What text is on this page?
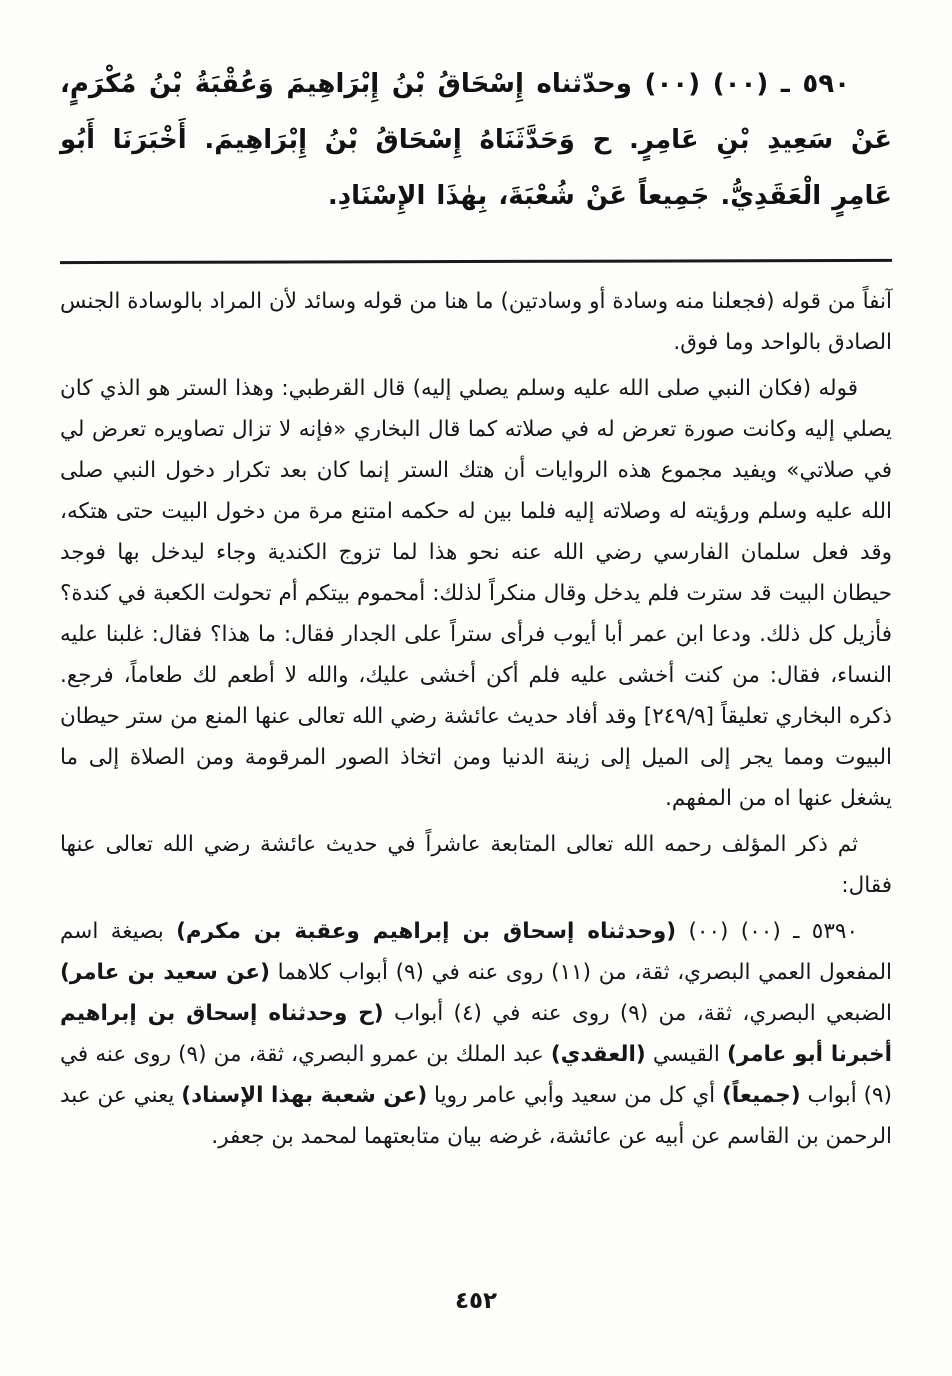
٥٩٠ ـ (٠٠) (٠٠) وحدّثناه إِسْحَاقُ بْنُ إِبْرَاهِيمَ وَعُقْبَةُ بْنُ مُكْرَمٍ، عَنْ سَعِيدِ بْنِ عَامِرٍ. ح وَحَدَّثَنَاهُ إِسْحَاقُ بْنُ إِبْرَاهِيمَ. أَخْبَرَنَا أَبُو عَامِرٍ الْعَقَدِيُّ. جَمِيعاً عَنْ شُعْبَةَ، بِهٰذَا الإِسْنَادِ.

آنفاً من قوله (فجعلنا منه وسادة أو وسادتين) ما هنا من قوله وسائد لأن المراد بالوسادة الجنس الصادق بالواحد وما فوق.

قوله (فكان النبي صلى الله عليه وسلم يصلي إليه) قال القرطبي: وهذا الستر هو الذي كان يصلي إليه وكانت صورة تعرض له في صلاته كما قال البخاري «فإنه لا تزال تصاويره تعرض لي في صلاتي» ويفيد مجموع هذه الروايات أن هتك الستر إنما كان بعد تكرار دخول النبي صلى الله عليه وسلم ورؤيته له وصلاته إليه فلما بين له حكمه امتنع مرة من دخول البيت حتى هتكه، وقد فعل سلمان الفارسي رضي الله عنه نحو هذا لما تزوج الكندية وجاء ليدخل بها فوجد حيطان البيت قد سترت فلم يدخل وقال منكراً لذلك: أمحموم بيتكم أم تحولت الكعبة في كندة؟ فأزيل كل ذلك. ودعا ابن عمر أبا أيوب فرأى ستراً على الجدار فقال: ما هذا؟ فقال: غلبنا عليه النساء، فقال: من كنت أخشى عليه فلم أكن أخشى عليك، والله لا أطعم لك طعاماً، فرجع. ذكره البخاري تعليقاً [٢٤٩/٩] وقد أفاد حديث عائشة رضي الله تعالى عنها المنع من ستر حيطان البيوت ومما يجر إلى الميل إلى زينة الدنيا ومن اتخاذ الصور المرقومة ومن الصلاة إلى ما يشغل عنها اه من المفهم.

ثم ذكر المؤلف رحمه الله تعالى المتابعة عاشراً في حديث عائشة رضي الله تعالى عنها فقال:

٥٣٩٠ ـ (٠٠) (٠٠) (وحدثناه إسحاق بن إبراهيم وعقبة بن مكرم) بصيغة اسم المفعول العمي البصري، ثقة، من (١١) روى عنه في (٩) أبواب كلاهما (عن سعيد بن عامر) الضبعي البصري، ثقة، من (٩) روى عنه في (٤) أبواب (ح وحدثناه إسحاق بن إبراهيم أخبرنا أبو عامر) القيسي (العقدي) عبد الملك بن عمرو البصري، ثقة، من (٩) روى عنه في (٩) أبواب (جميعاً) أي كل من سعيد وأبي عامر رويا (عن شعبة بهذا الإسناد) يعني عن عبد الرحمن بن القاسم عن أبيه عن عائشة، غرضه بيان متابعتهما لمحمد بن جعفر.

٤٥٢
